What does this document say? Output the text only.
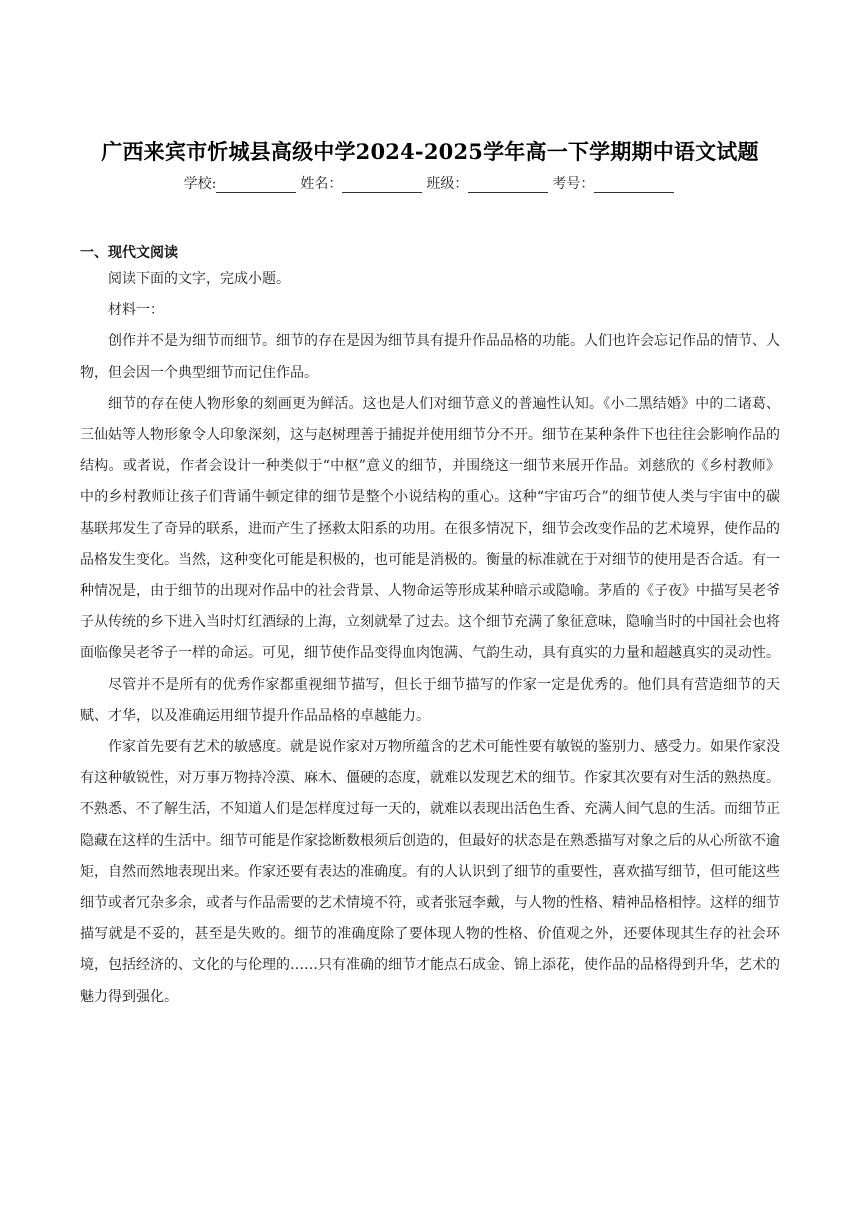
广西来宾市忻城县高级中学2024-2025学年高一下学期期中语文试题
学校:	姓名：	班级：	考号：
一、现代文阅读

阅读下面的文字，完成小题。

材料一：

创作并不是为细节而细节。细节的存在是因为细节具有提升作品品格的功能。人们也许会忘记作品的情节、人物，但会因一个典型细节而记住作品。

细节的存在使人物形象的刻画更为鲜活。这也是人们对细节意义的普遍性认知。《小二黑结婚》中的二诸葛、三仙姑等人物形象令人印象深刻，这与赵树理善于捕捉并使用细节分不开。细节在某种条件下也往往会影响作品的结构。或者说，作者会设计一种类似于“中枢”意义的细节，并围绕这一细节来展开作品。刘慈欣的《乡村教师》中的乡村教师让孩子们背诵牛顿定律的细节是整个小说结构的重心。这种“宇宙巧合”的细节使人类与宇宙中的碳基联邦发生了奇异的联系，进而产生了拯救太阳系的功用。在很多情况下，细节会改变作品的艺术境界，使作品的品格发生变化。当然，这种变化可能是积极的，也可能是消极的。衡量的标准就在于对细节的使用是否合适。有一种情况是，由于细节的出现对作品中的社会背景、人物命运等形成某种暗示或隐喻。茅盾的《子夜》中描写吴老爷子从传统的乡下进入当时灯红酒绿的上海，立刻就晕了过去。这个细节充满了象征意味，隐喻当时的中国社会也将面临像吴老爷子一样的命运。可见，细节使作品变得血肉饱满、气韵生动，具有真实的力量和超越真实的灵动性。

尽管并不是所有的优秀作家都重视细节描写，但长于细节描写的作家一定是优秀的。他们具有营造细节的天赋、才华，以及准确运用细节提升作品品格的卓越能力。

作家首先要有艺术的敏感度。就是说作家对万物所蕴含的艺术可能性要有敏锐的鉴别力、感受力。如果作家没有这种敏锐性，对万事万物持冷漠、麻木、僵硬的态度，就难以发现艺术的细节。作家其次要有对生活的熟热度。不熟悉、不了解生活，不知道人们是怎样度过每一天的，就难以表现出活色生香、充满人间气息的生活。而细节正隐藏在这样的生活中。细节可能是作家捻断数根须后创造的，但最好的状态是在熟悉描写对象之后的从心所欲不逾矩，自然而然地表现出来。作家还要有表达的准确度。有的人认识到了细节的重要性，喜欢描写细节，但可能这些细节或者冗杂多余，或者与作品需要的艺术情境不符，或者张冠李戴，与人物的性格、精神品格相悖。这样的细节描写就是不妥的，甚至是失败的。细节的准确度除了要体现人物的性格、价值观之外，还要体现其生存的社会环境，包括经济的、文化的与伦理的……只有准确的细节才能点石成金、锦上添花，使作品的品格得到升华，艺术的魅力得到强化。
